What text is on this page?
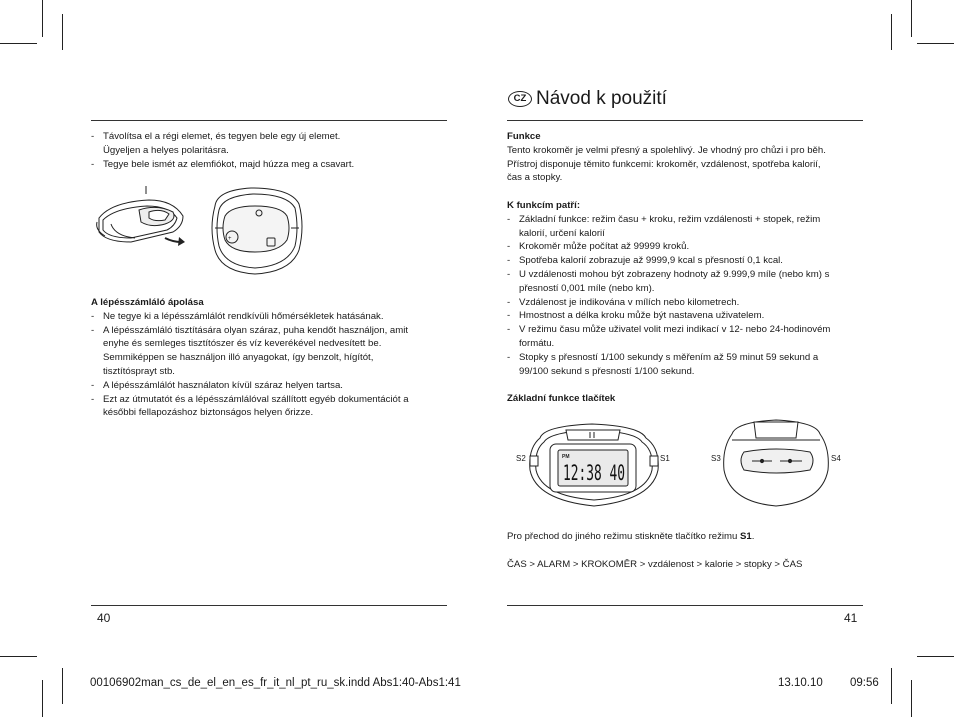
- Távolítsa el a régi elemet, és tegyen bele egy új elemet.

Ügyeljen a helyes polaritásra.

- Tegye bele ismét az elemfiókot, majd húzza meg a csavart.

+

A lépésszámláló ápolása

- Ne tegye ki a lépésszámlálót rendkívüli hőmérsékletek hatásának.

- A lépésszámláló tisztítására olyan száraz, puha kendőt használjon, amit

enyhe és semleges tisztítószer és víz keverékével nedvesített be.

Semmiképpen se használjon illó anyagokat, így benzolt, hígítót,

tisztítósprayt stb.

- A lépésszámlálót használaton kívül száraz helyen tartsa.

- Ezt az útmutatót és a lépésszámlálóval szállított egyéb dokumentációt a

későbbi fellapozáshoz biztonságos helyen őrizze.

40
CZ Návod k použití

Funkce

Tento krokoměr je velmi přesný a spolehlivý. Je vhodný pro chůzi i pro běh.

Přístroj disponuje těmito funkcemi: krokoměr, vzdálenost, spotřeba kalorií,

čas a stopky.

K funkcím patří:

- Základní funkce: režim času + kroku, režim vzdálenosti + stopek, režim

kalorií, určení kalorií

- Krokoměr může počítat až 99999 kroků.

- Spotřeba kalorií zobrazuje až 9999,9 kcal s přesností 0,1 kcal.

- U vzdálenosti mohou být zobrazeny hodnoty až 9.999,9 míle (nebo km) s

přesností 0,001 míle (nebo km).

- Vzdálenost je indikována v mílích nebo kilometrech.

- Hmostnost a délka kroku může být nastavena uživatelem.

- V režimu času může uživatel volit mezi indikací v 12- nebo 24-hodinovém

formátu.

- Stopky s přesností 1/100 sekundy s měřením až 59 minut 59 sekund a

99/100 sekund s přesností 1/100 sekund.

Základní funkce tlačítek

PM
12:38 40
S2	S1	S3	S4

Pro přechod do jiného režimu stiskněte tlačítko režimu S1.

ČAS > ALARM > KROKOMĚR > vzdálenost > kalorie > stopky > ČAS

41
00106902man_cs_de_el_en_es_fr_it_nl_pt_ru_sk.indd Abs1:40-Abs1:41	13.10.10 09:56
